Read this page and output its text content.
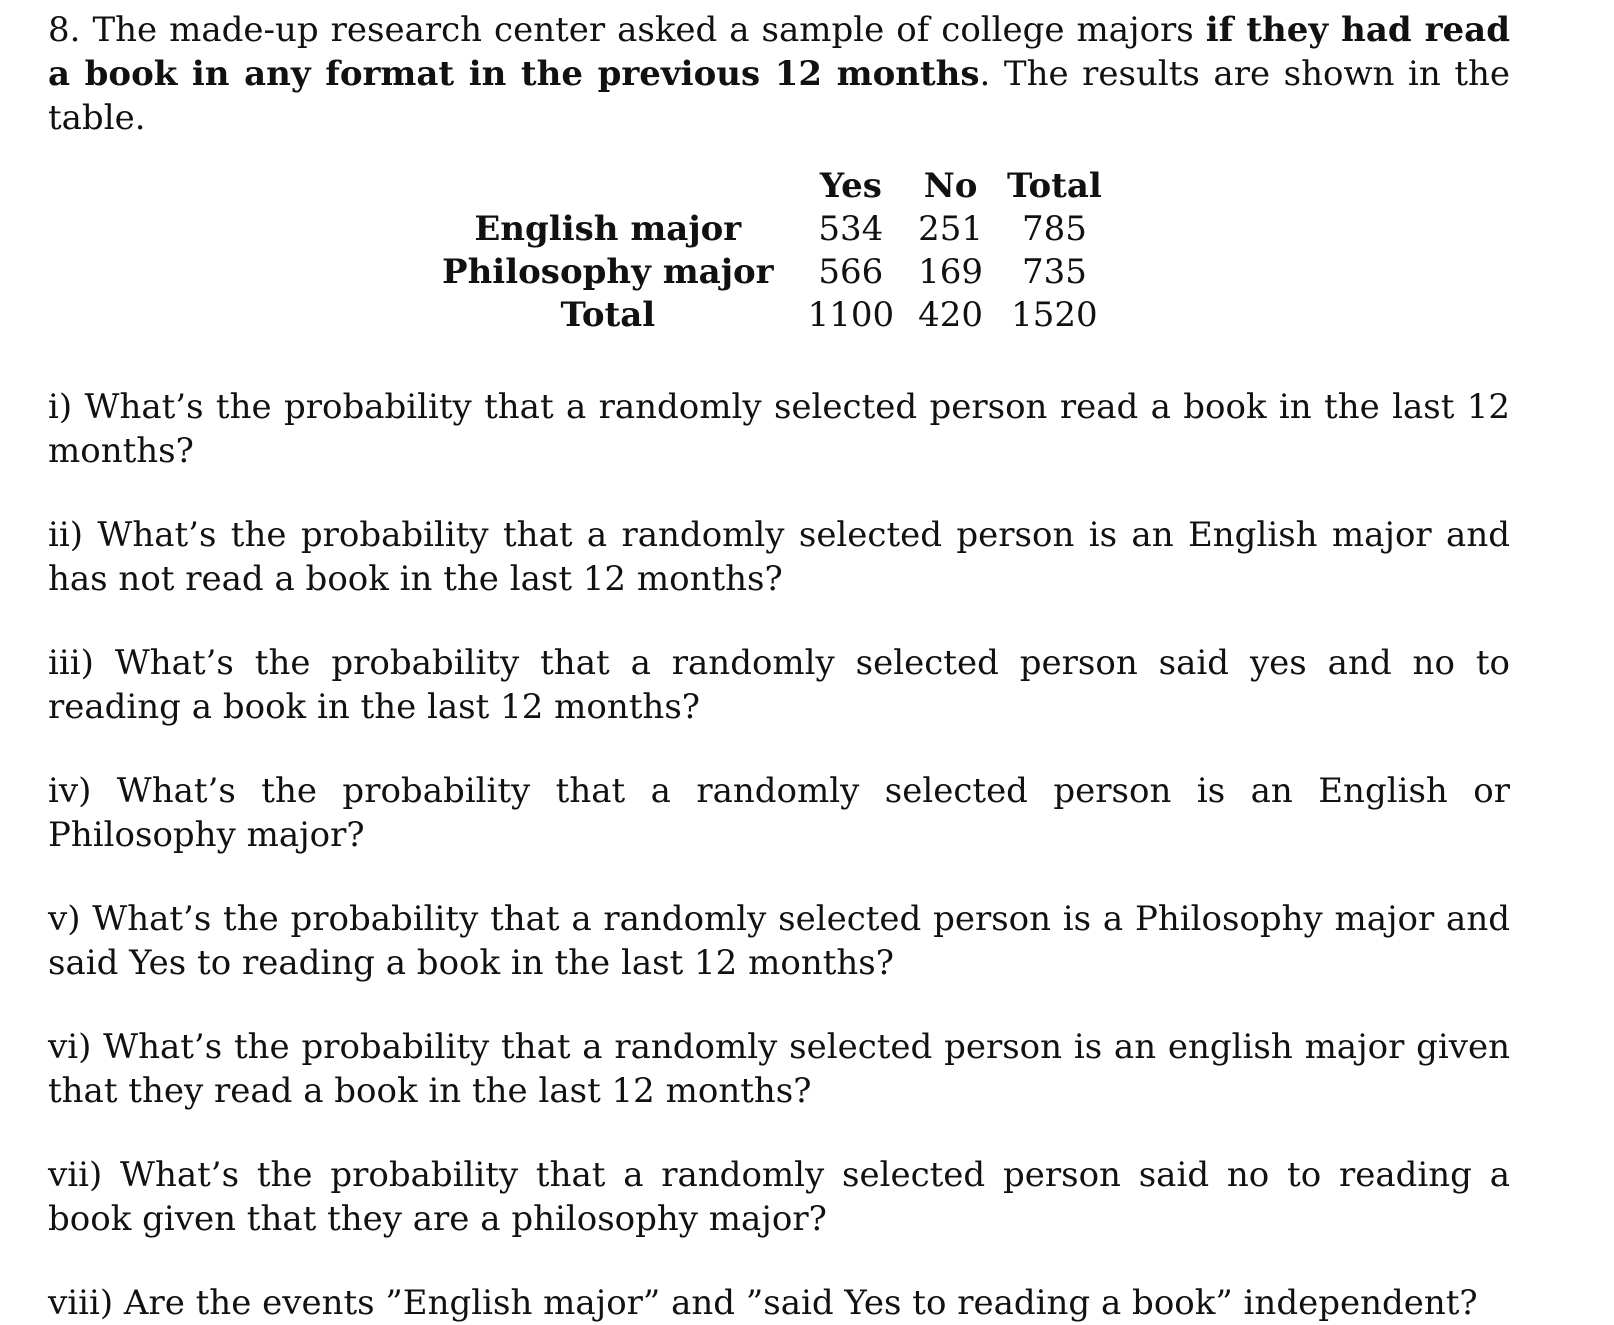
8. The made-up research center asked a sample of college majors if they had read a book in any format in the previous 12 months. The results are shown in the table.

	Yes	No	Total
English major	534	251	785
Philosophy major	566	169	735
Total	1100	420	1520

i) What’s the probability that a randomly selected person read a book in the last 12 months?

ii) What’s the probability that a randomly selected person is an English major and has not read a book in the last 12 months?

iii) What’s the probability that a randomly selected person said yes and no to reading a book in the last 12 months?

iv) What’s the probability that a randomly selected person is an English or Philosophy major?

v) What’s the probability that a randomly selected person is a Philosophy major and said Yes to reading a book in the last 12 months?

vi) What’s the probability that a randomly selected person is an english major given that they read a book in the last 12 months?

vii) What’s the probability that a randomly selected person said no to reading a book given that they are a philosophy major?

viii) Are the events ”English major” and ”said Yes to reading a book” independent?
